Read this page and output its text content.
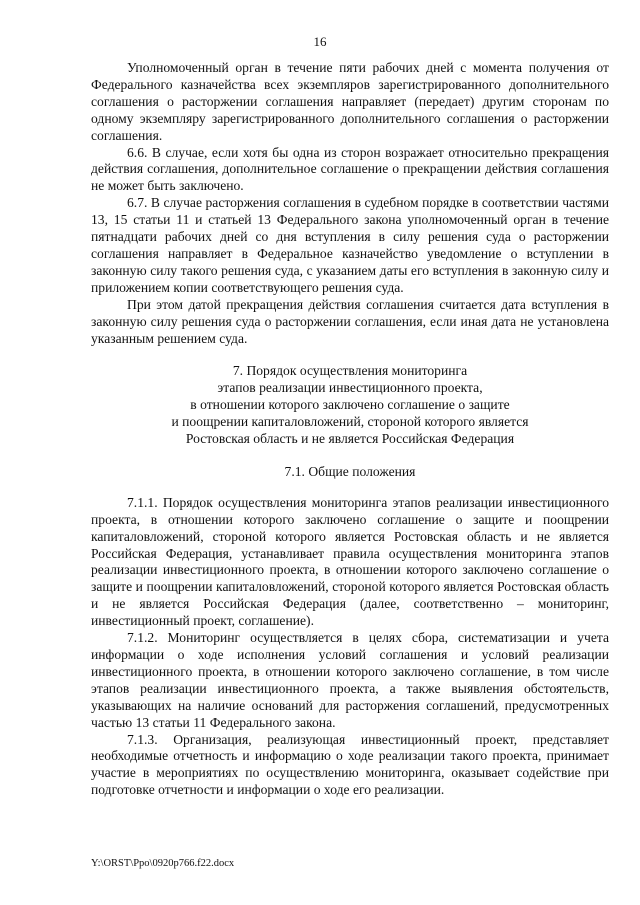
16

Уполномоченный орган в течение пяти рабочих дней с момента получения от Федерального казначейства всех экземпляров зарегистрированного дополнительного соглашения о расторжении соглашения направляет (передает) другим сторонам по одному экземпляру зарегистрированного дополнительного соглашения о расторжении соглашения.

6.6. В случае, если хотя бы одна из сторон возражает относительно прекращения действия соглашения, дополнительное соглашение о прекращении действия соглашения не может быть заключено.

6.7. В случае расторжения соглашения в судебном порядке в соответствии частями 13, 15 статьи 11 и статьей 13 Федерального закона уполномоченный орган в течение пятнадцати рабочих дней со дня вступления в силу решения суда о расторжении соглашения направляет в Федеральное казначейство уведомление о вступлении в законную силу такого решения суда, с указанием даты его вступления в законную силу и приложением копии соответствующего решения суда.

При этом датой прекращения действия соглашения считается дата вступления в законную силу решения суда о расторжении соглашения, если иная дата не установлена указанным решением суда.

7. Порядок осуществления мониторинга
этапов реализации инвестиционного проекта,
в отношении которого заключено соглашение о защите
и поощрении капиталовложений, стороной которого является
Ростовская область и не является Российская Федерация
7.1. Общие положения

7.1.1. Порядок осуществления мониторинга этапов реализации инвестиционного проекта, в отношении которого заключено соглашение о защите и поощрении капиталовложений, стороной которого является Ростовская область и не является Российская Федерация, устанавливает правила осуществления мониторинга этапов реализации инвестиционного проекта, в отношении которого заключено соглашение о защите и поощрении капиталовложений, стороной которого является Ростовская область и не является Российская Федерация (далее, соответственно – мониторинг, инвестиционный проект, соглашение).

7.1.2. Мониторинг осуществляется в целях сбора, систематизации и учета информации о ходе исполнения условий соглашения и условий реализации инвестиционного проекта, в отношении которого заключено соглашение, в том числе этапов реализации инвестиционного проекта, а также выявления обстоятельств, указывающих на наличие оснований для расторжения соглашений, предусмотренных частью 13 статьи 11 Федерального закона.

7.1.3. Организация, реализующая инвестиционный проект, представляет необходимые отчетность и информацию о ходе реализации такого проекта, принимает участие в мероприятиях по осуществлению мониторинга, оказывает содействие при подготовке отчетности и информации о ходе его реализации.

Y:\ORST\Ppo\0920p766.f22.docx
